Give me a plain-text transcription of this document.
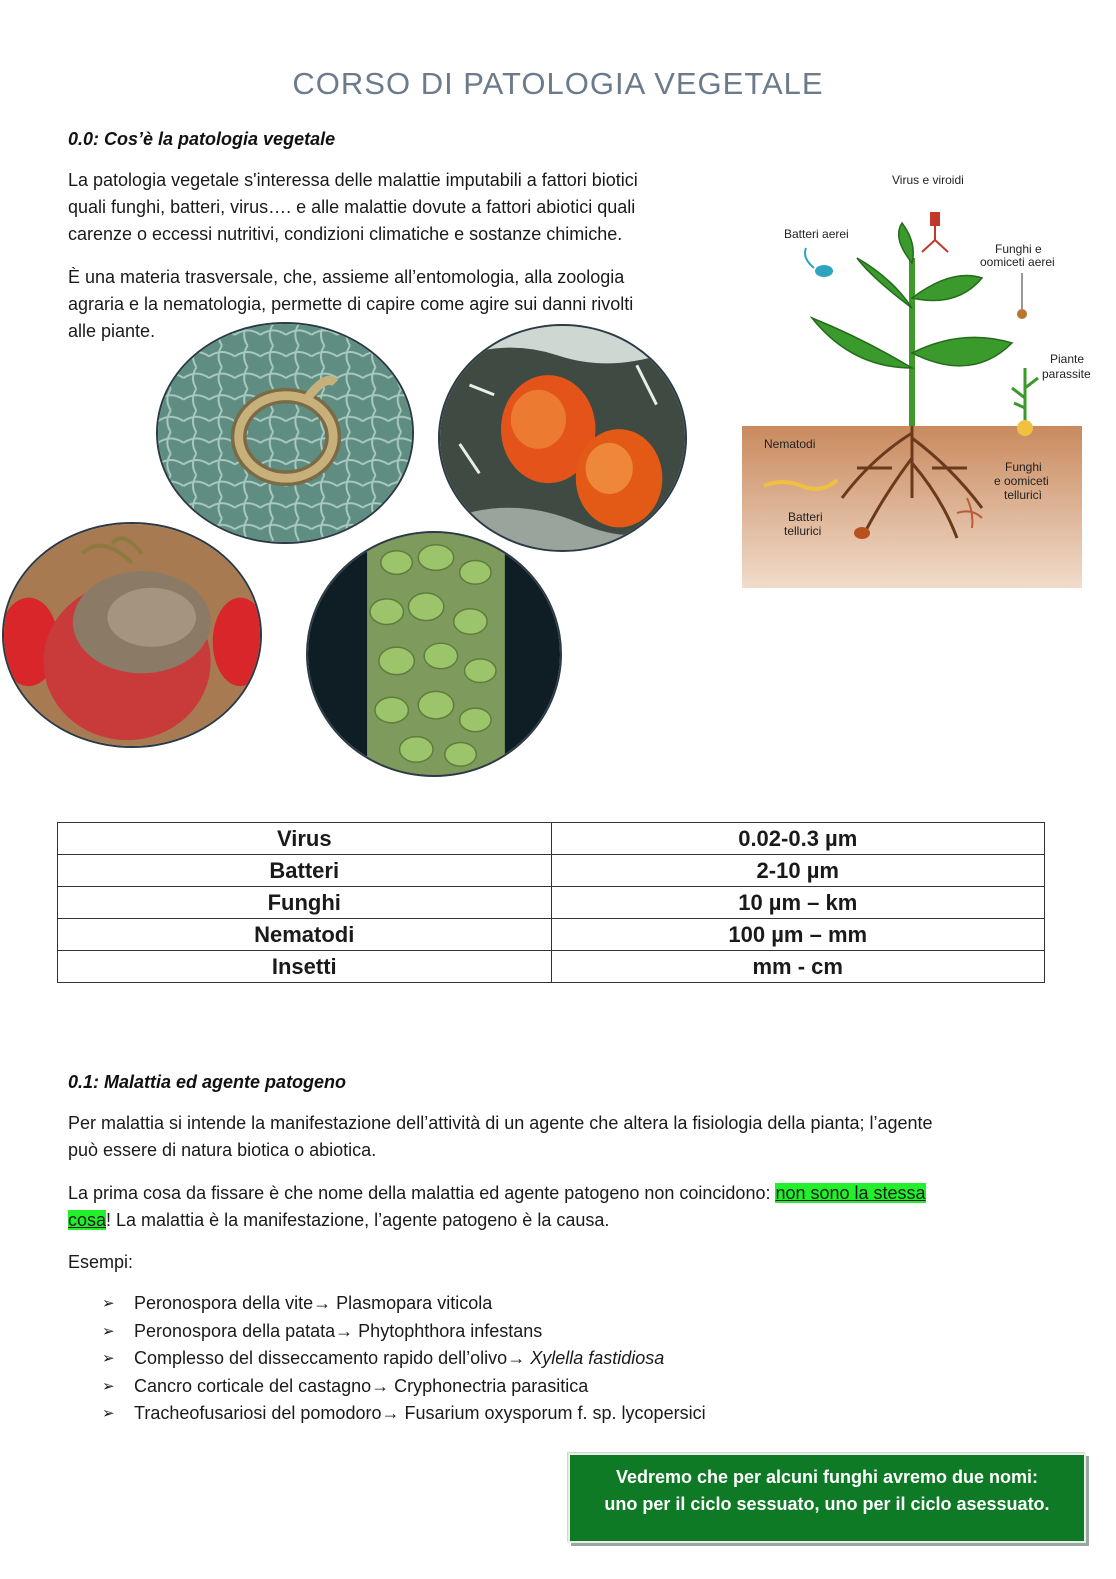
CORSO DI PATOLOGIA VEGETALE
0.0: Cos’è la patologia vegetale

La patologia vegetale s'interessa delle malattie imputabili a fattori biotici

quali funghi, batteri, virus…. e alle malattie dovute a fattori abiotici quali

carenze o eccessi nutritivi, condizioni climatiche e sostanze chimiche.

È una materia trasversale, che, assieme all’entomologia, alla zoologia

agraria e la nematologia, permette di capire come agire sui danni rivolti

alle piante.

Virus e viroidi
Batteri aerei
Funghi e
oomiceti aerei
Piante
parassite
Nematodi
Funghi
e oomiceti
telluricì
Batteri
tellurici
Virus	0.02-0.3 µm
Batteri	2-10 µm
Funghi	10 µm – km
Nematodi	100 µm – mm
Insetti	mm - cm
0.1: Malattia ed agente patogeno

Per malattia si intende la manifestazione dell’attività di un agente che altera la fisiologia della pianta; l’agente

può essere di natura biotica o abiotica.

La prima cosa da fissare è che nome della malattia ed agente patogeno non coincidono: non sono la stessa

cosa! La malattia è la manifestazione, l’agente patogeno è la causa.

Esempi:

➢	Peronospora della vite→ Plasmopara viticola
➢	Peronospora della patata→ Phytophthora infestans
➢	Complesso del disseccamento rapido dell’olivo→ Xylella fastidiosa
➢	Cancro corticale del castagno→ Cryphonectria parasitica
➢	Tracheofusariosi del pomodoro→ Fusarium oxysporum f. sp. lycopersici
Vedremo che per alcuni funghi avremo due nomi:
uno per il ciclo sessuato, uno per il ciclo asessuato.
